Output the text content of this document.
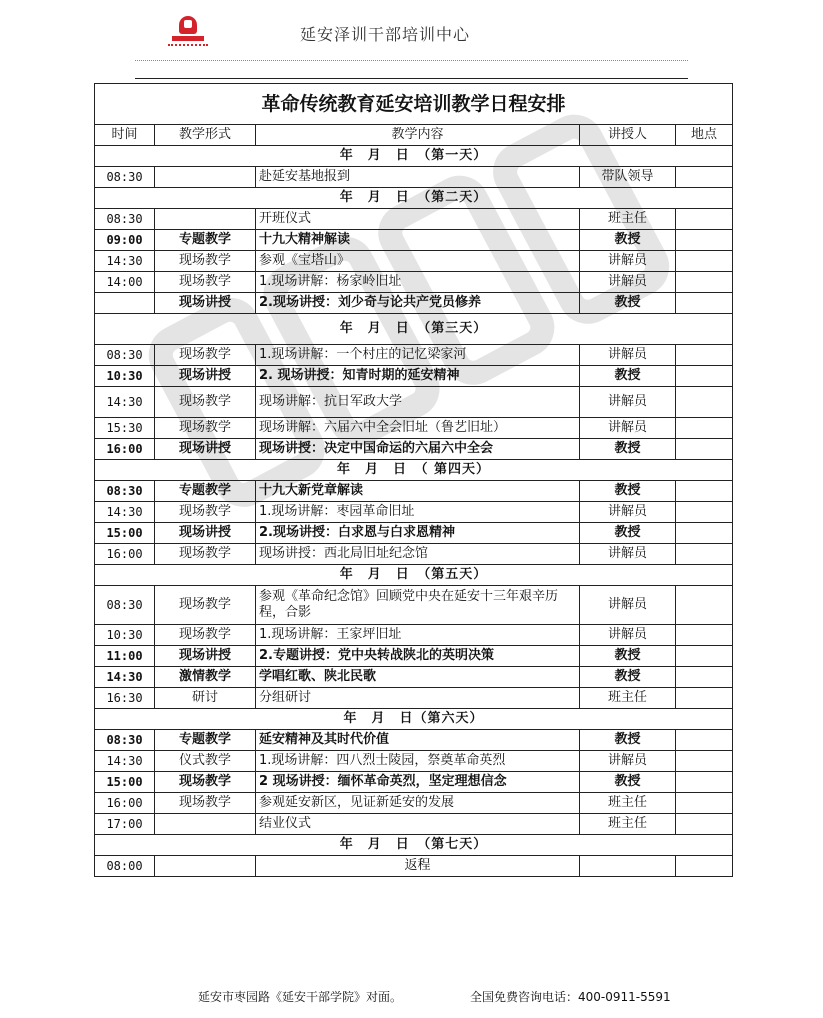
延安泽训干部培训中心
革命传统教育延安培训教学日程安排				
时间	教学形式	教学内容	讲授人	地点
年　月　日　（第一天）				
08:30		赴延安基地报到	带队领导	
年　月　日　（第二天）				
08:30		开班仪式	班主任	
09:00	专题教学	十九大精神解读	教授	
14:30	现场教学	参观《宝塔山》	讲解员	
14:00	现场教学	1.现场讲解：杨家岭旧址	讲解员	
	现场讲授	2.现场讲授：刘少奇与论共产党员修养	教授	
年　月　日　（第三天）				
08:30	现场教学	1.现场讲解：一个村庄的记忆梁家河	讲解员	
10:30	现场讲授	2. 现场讲授：知青时期的延安精神	教授	
14:30	现场教学	现场讲解：抗日军政大学	讲解员	
15:30	现场教学	现场讲解：六届六中全会旧址（鲁艺旧址）	讲解员	
16:00	现场讲授	现场讲授：决定中国命运的六届六中全会	教授	
年　月　日　（ 第四天）				
08:30	专题教学	十九大新党章解读	教授	
14:30	现场教学	1.现场讲解：枣园革命旧址	讲解员	
15:00	现场讲授	2.现场讲授：白求恩与白求恩精神	教授	
16:00	现场教学	现场讲授：西北局旧址纪念馆	讲解员	
年　月　日　（第五天）				
08:30	现场教学	参观《革命纪念馆》回顾党中央在延安十三年艰辛历程，合影	讲解员	
10:30	现场教学	1.现场讲解：王家坪旧址	讲解员	
11:00	现场讲授	2.专题讲授：党中央转战陕北的英明决策	教授	
14:30	激情教学	学唱红歌、陕北民歌	教授	
16:30	研讨	分组研讨	班主任	
年　月　日（第六天）				
08:30	专题教学	延安精神及其时代价值	教授	
14:30	仪式教学	1.现场讲解：四八烈士陵园，祭奠革命英烈	讲解员	
15:00	现场教学	2 现场讲授：缅怀革命英烈，坚定理想信念	教授	
16:00	现场教学	参观延安新区，见证新延安的发展	班主任	
17:00		结业仪式	班主任	
年　月　日　（第七天）				
08:00		返程		
延安市枣园路《延安干部学院》对面。	全国免费咨询电话：400-0911-5591
